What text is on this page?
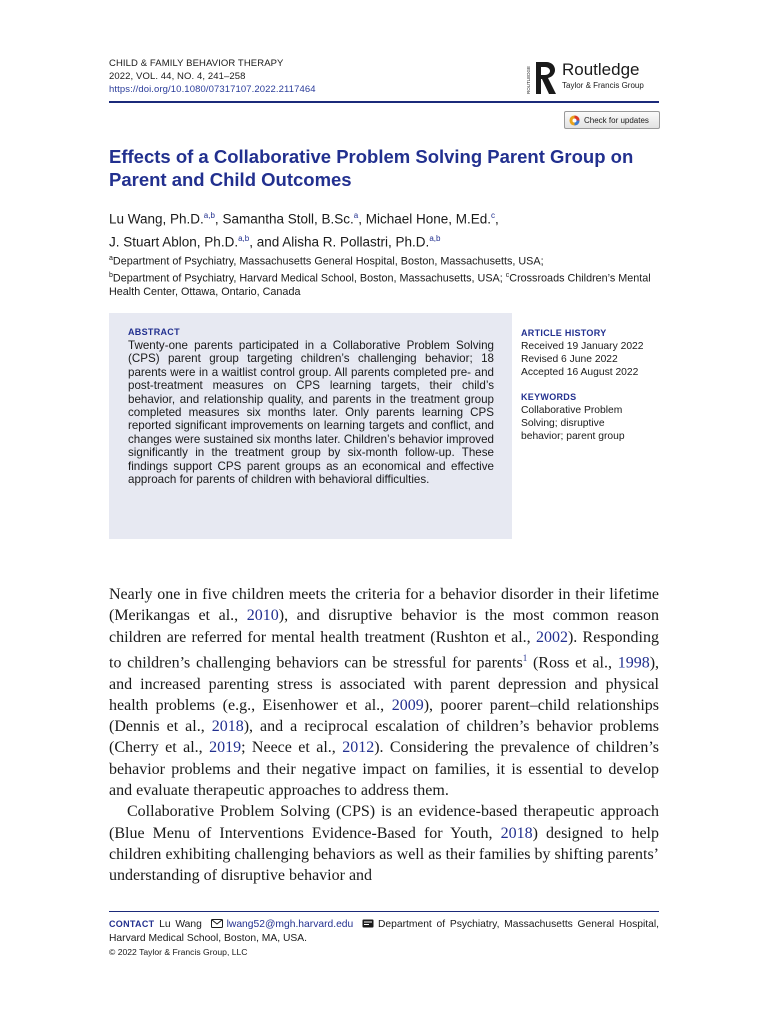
CHILD & FAMILY BEHAVIOR THERAPY
2022, VOL. 44, NO. 4, 241–258
https://doi.org/10.1080/07317107.2022.2117464	ROUTLEDGE Routledge
Taylor & Francis Group
Check for updates
Effects of a Collaborative Problem Solving Parent Group on Parent and Child Outcomes
Lu Wang, Ph.D.$^{a,b}$, Samantha Stoll, B.Sc.$^a$, Michael Hone, M.Ed.$^c$,
J. Stuart Ablon, Ph.D.$^{a,b}$, and Alisha R. Pollastri, Ph.D.$^{a,b}$
$^a$Department of Psychiatry, Massachusetts General Hospital, Boston, Massachusetts, USA;
$^b$Department of Psychiatry, Harvard Medical School, Boston, Massachusetts, USA; $^c$Crossroads Children’s Mental Health Center, Ottawa, Ontario, Canada
ABSTRACT
Twenty-one parents participated in a Collaborative Problem Solving (CPS) parent group targeting children’s challenging behavior; 18 parents were in a waitlist control group. All parents completed pre- and post-treatment measures on CPS learning targets, their child’s behavior, and relationship quality, and parents in the treatment group completed measures six months later. Only parents learning CPS reported significant improvements on learning targets and conflict, and changes were sustained six months later. Children’s behavior improved significantly in the treatment group by six-month follow-up. These findings support CPS parent groups as an economical and effective approach for parents of children with behavioral difficulties.
ARTICLE HISTORY
Received 19 January 2022
Revised 6 June 2022
Accepted 16 August 2022
KEYWORDS
Collaborative Problem Solving; disruptive behavior; parent group

Nearly one in five children meets the criteria for a behavior disorder in their lifetime (Merikangas et al., 2010), and disruptive behavior is the most common reason children are referred for mental health treatment (Rushton et al., 2002). Responding to children’s challenging behaviors can be stressful for parents$^1$ (Ross et al., 1998), and increased parenting stress is associated with parent depression and physical health problems (e.g., Eisenhower et al., 2009), poorer parent–child relationships (Dennis et al., 2018), and a reciprocal escalation of children’s behavior problems (Cherry et al., 2019; Neece et al., 2012). Considering the prevalence of children’s behavior problems and their negative impact on families, it is essential to develop and evaluate therapeutic approaches to address them.

Collaborative Problem Solving (CPS) is an evidence-based therapeutic approach (Blue Menu of Interventions Evidence-Based for Youth, 2018) designed to help children exhibiting challenging behaviors as well as their families by shifting parents’ understanding of disruptive behavior and

CONTACT Lu Wang lwang52@mgh.harvard.edu Department of Psychiatry, Massachusetts General Hospital, Harvard Medical School, Boston, MA, USA.
© 2022 Taylor & Francis Group, LLC
